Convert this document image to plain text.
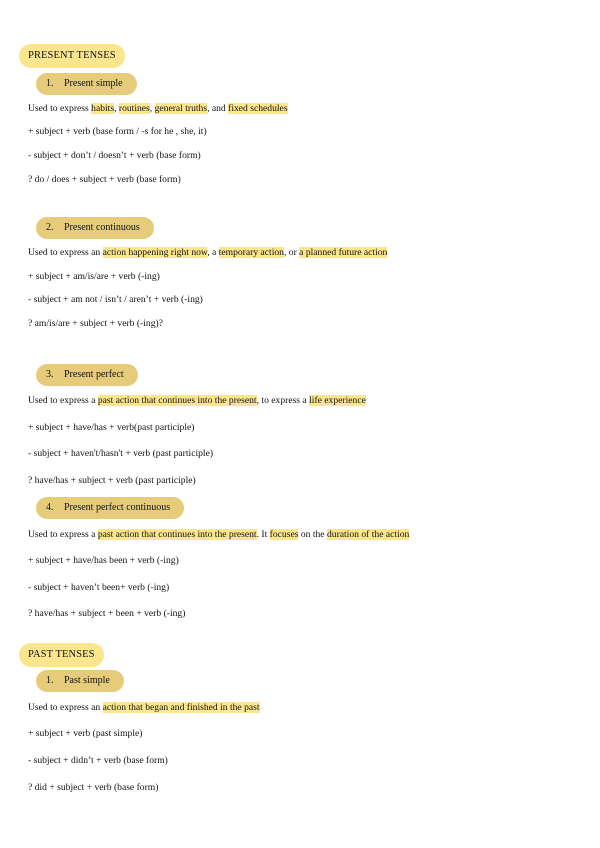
PRESENT TENSES
1. Present simple
Used to express habits, routines, general truths, and fixed schedules
+ subject + verb (base form / -s for he , she, it)
- subject + don’t / doesn’t + verb (base form)
? do / does + subject + verb (base form)
2. Present continuous
Used to express an action happening right now, a temporary action, or a planned future action
+ subject + am/is/are + verb (-ing)
- subject + am not / isn’t / aren’t + verb (-ing)
? am/is/are + subject + verb (-ing)?
3. Present perfect
Used to express a past action that continues into the present, to express a life experience
+ subject + have/has + verb(past participle)
- subject + haven't/hasn't + verb (past participle)
? have/has + subject + verb (past participle)
4. Present perfect continuous
Used to express a past action that continues into the present. It focuses on the duration of the action
+ subject + have/has been + verb (-ing)
- subject + haven’t been+ verb (-ing)
? have/has + subject + been + verb (-ing)
PAST TENSES
1. Past simple
Used to express an action that began and finished in the past
+ subject + verb (past simple)
- subject + didn’t + verb (base form)
? did + subject + verb (base form)
